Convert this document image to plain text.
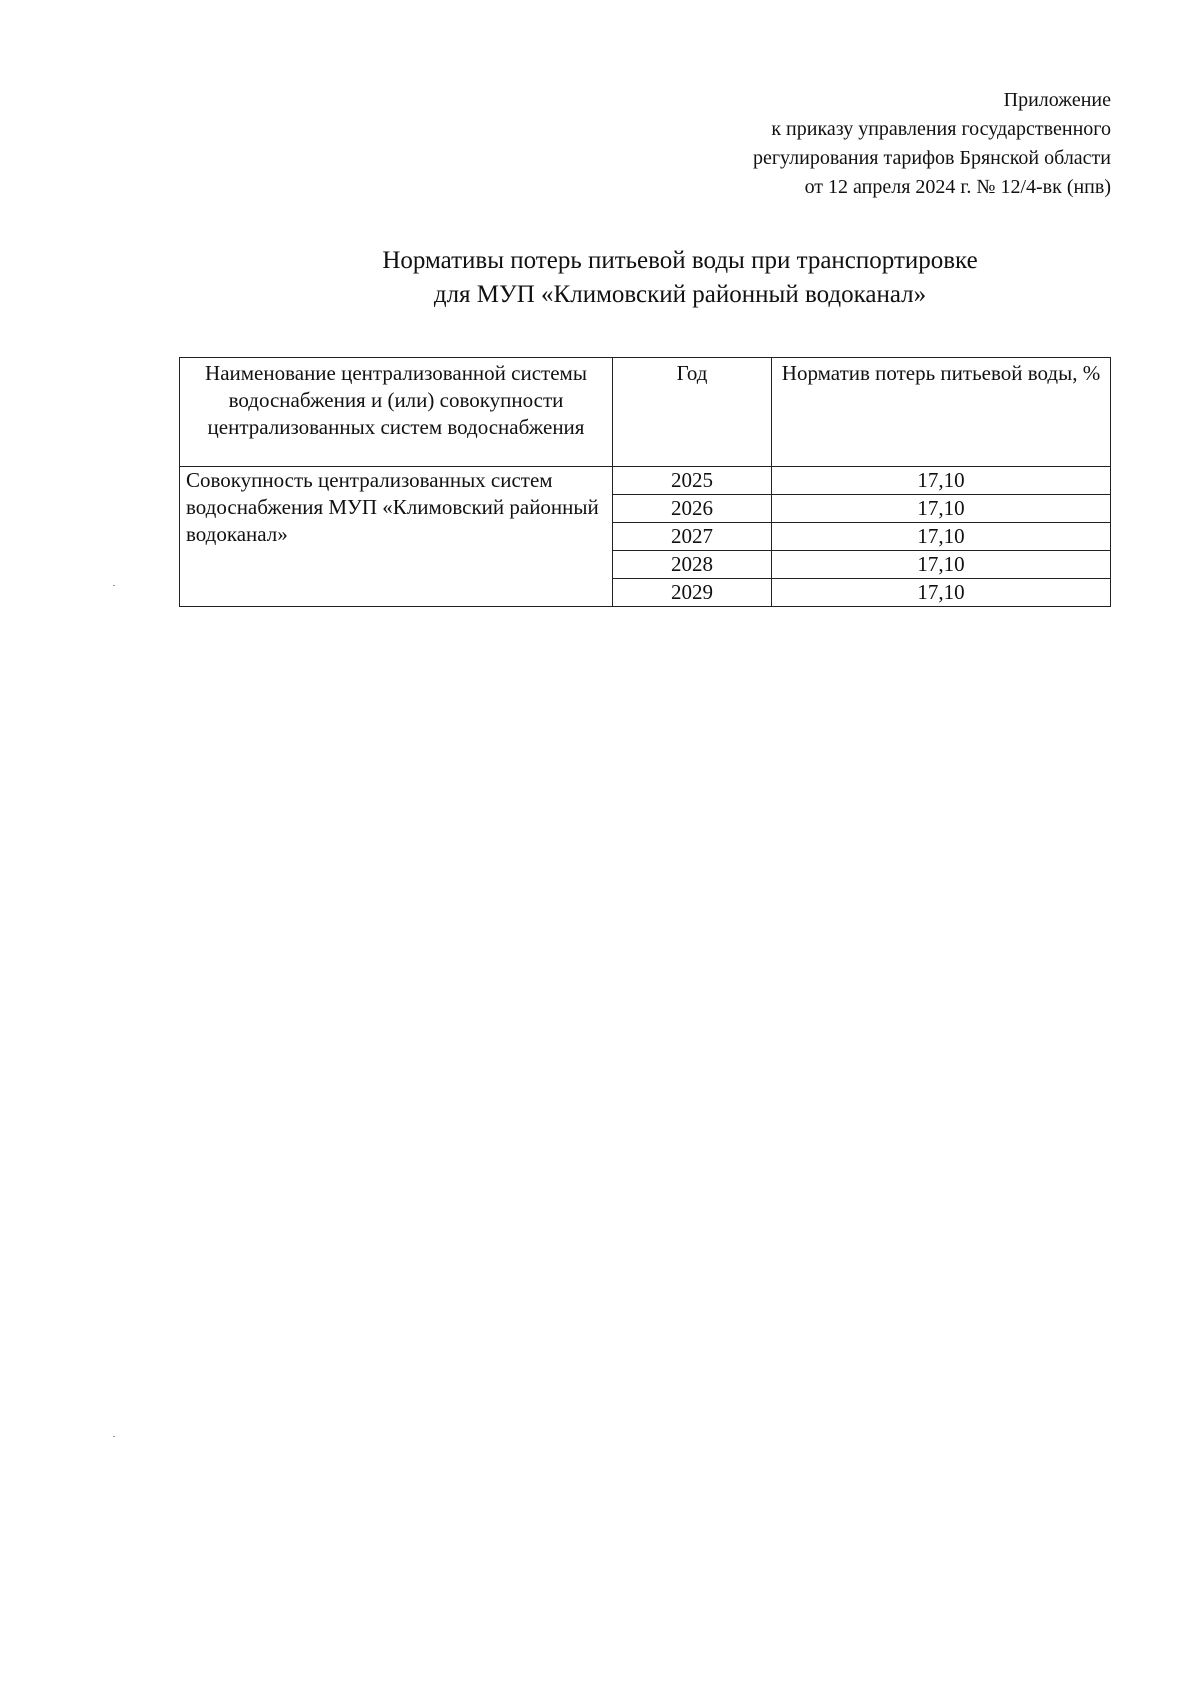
Приложение
к приказу управления государственного
регулирования тарифов Брянской области
от 12 апреля 2024 г. № 12/4-вк (нпв)
Нормативы потерь питьевой воды при транспортировке
для МУП «Климовский районный водоканал»
Наименование централизованной системы водоснабжения и (или) совокупности централизованных систем водоснабжения	Год	Норматив потерь питьевой воды, %
Совокупность централизованных систем водоснабжения МУП «Климовский районный водоканал»	2025	17,10
	2026	17,10
	2027	17,10
	2028	17,10
	2029	17,10
